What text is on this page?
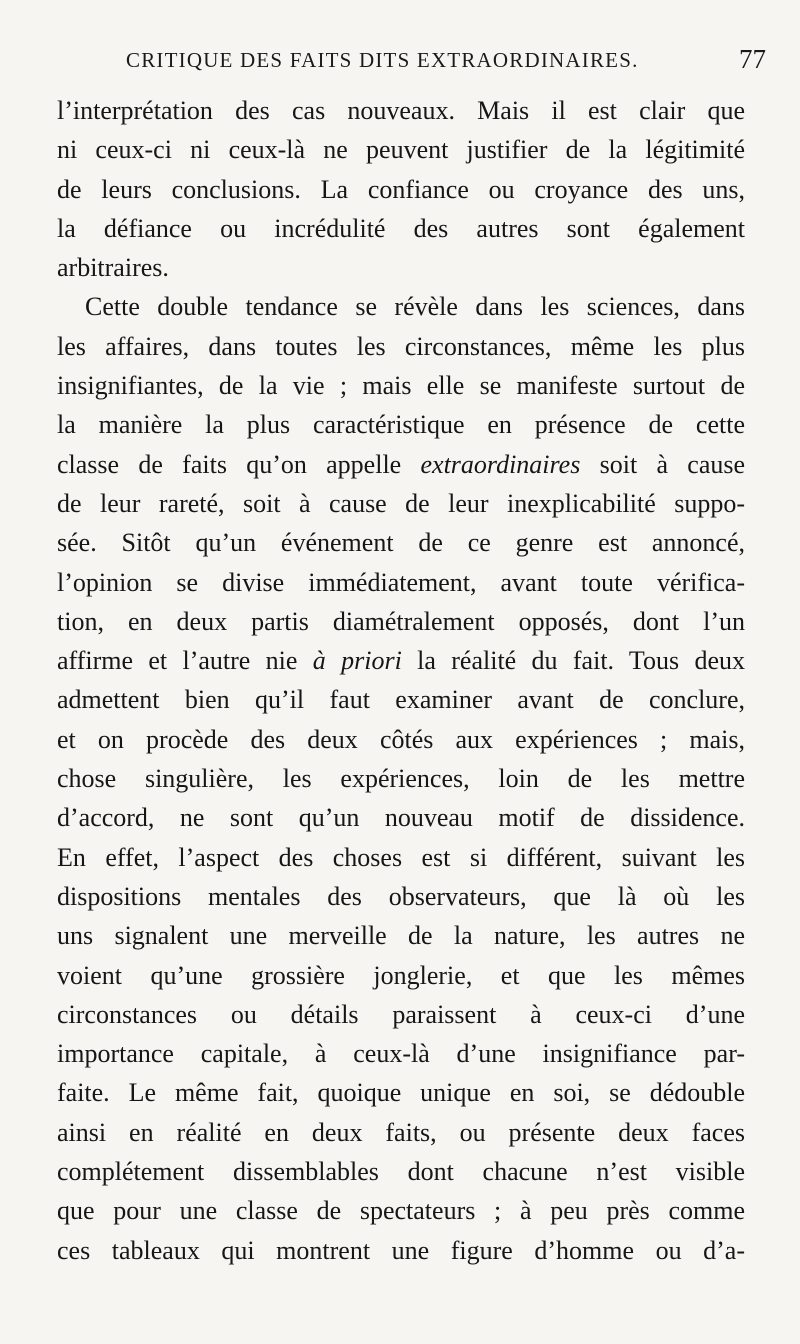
CRITIQUE DES FAITS DITS EXTRAORDINAIRES.	77
l’interprétation des cas nouveaux. Mais il est clair que
ni ceux-ci ni ceux-là ne peuvent justifier de la légitimité
de leurs conclusions. La confiance ou croyance des uns,
la défiance ou incrédulité des autres sont également
arbitraires.
Cette double tendance se révèle dans les sciences, dans
les affaires, dans toutes les circonstances, même les plus
insignifiantes, de la vie ; mais elle se manifeste surtout de
la manière la plus caractéristique en présence de cette
classe de faits qu’on appelle extraordinaires soit à cause
de leur rareté, soit à cause de leur inexplicabilité suppo-
sée. Sitôt qu’un événement de ce genre est annoncé,
l’opinion se divise immédiatement, avant toute vérifica-
tion, en deux partis diamétralement opposés, dont l’un
affirme et l’autre nie à priori la réalité du fait. Tous deux
admettent bien qu’il faut examiner avant de conclure,
et on procède des deux côtés aux expériences ; mais,
chose singulière, les expériences, loin de les mettre
d’accord, ne sont qu’un nouveau motif de dissidence.
En effet, l’aspect des choses est si différent, suivant les
dispositions mentales des observateurs, que là où les
uns signalent une merveille de la nature, les autres ne
voient qu’une grossière jonglerie, et que les mêmes
circonstances ou détails paraissent à ceux-ci d’une
importance capitale, à ceux-là d’une insignifiance par-
faite. Le même fait, quoique unique en soi, se dédouble
ainsi en réalité en deux faits, ou présente deux faces
complétement dissemblables dont chacune n’est visible
que pour une classe de spectateurs ; à peu près comme
ces tableaux qui montrent une figure d’homme ou d’a-
